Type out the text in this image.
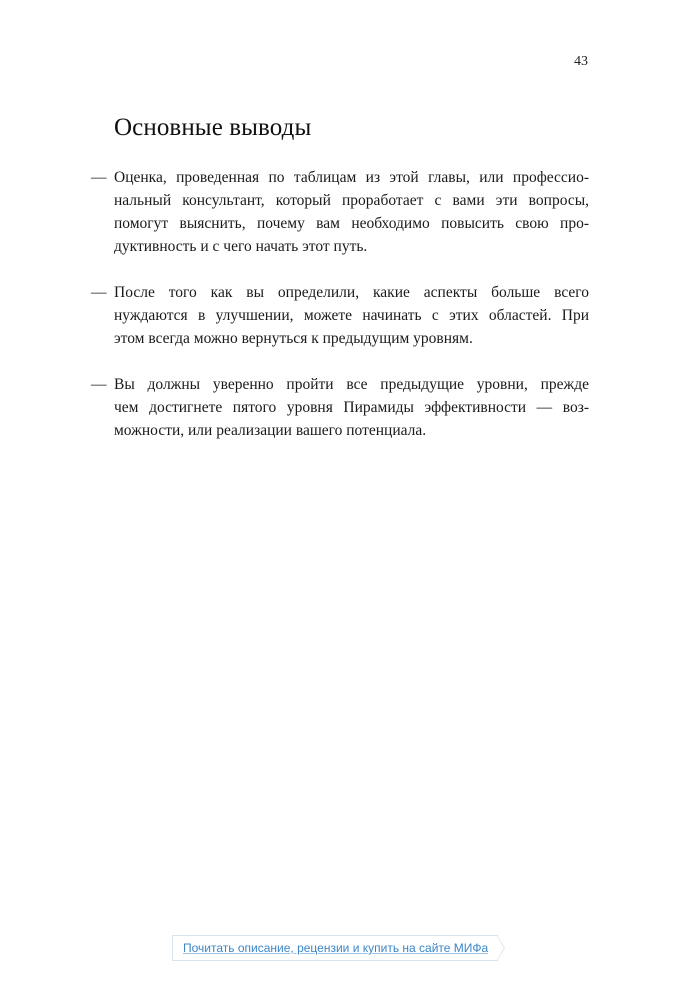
43
Основные выводы
— Оценка, проведенная по таблицам из этой главы, или профессио-
нальный консультант, который проработает с вами эти вопросы,
помогут выяснить, почему вам необходимо повысить свою про-
дуктивность и с чего начать этот путь.
— После того как вы определили, какие аспекты больше всего
нуждаются в улучшении, можете начинать с этих областей. При
этом всегда можно вернуться к предыдущим уровням.
— Вы должны уверенно пройти все предыдущие уровни, прежде
чем достигнете пятого уровня Пирамиды эффективности — воз-
можности, или реализации вашего потенциала.
Почитать описание, рецензии и купить на сайте МИФа
